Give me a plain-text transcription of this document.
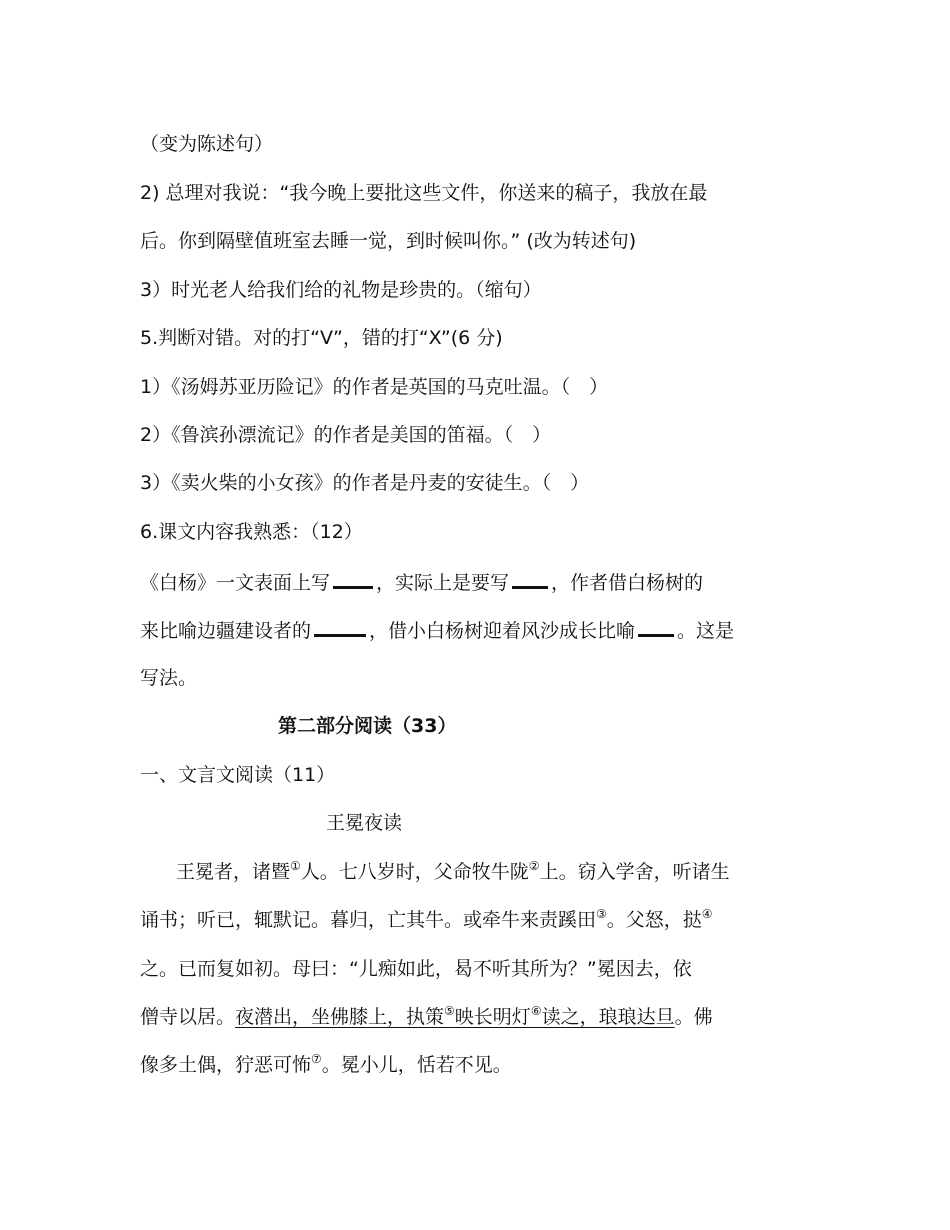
（变为陈述句）
2) 总理对我说：“我今晚上要批这些文件，你送来的稿子，我放在最
后。你到隔壁值班室去睡一觉，到时候叫你。” (改为转述句)
3）时光老人给我们给的礼物是珍贵的。（缩句）
5.判断对错。对的打“V”，错的打“X”(6 分)
1）《汤姆苏亚历险记》的作者是英国的马克吐温。（　）
2）《鲁滨孙漂流记》的作者是美国的笛福。（　）
3）《卖火柴的小女孩》的作者是丹麦的安徒生。（　）
6.课文内容我熟悉：（12）
《白杨》一文表面上写 ，实际上是要写 ，作者借白杨树的
来比喻边疆建设者的	，借小白杨树迎着风沙成长比喻 。这是
写法。
第二部分阅读（33）
一、文言文阅读（11）
王冕夜读
王冕者，诸暨①人。七八岁时，父命牧牛陇②上。窃入学舍，听诸生
诵书；听已，辄默记。暮归，亡其牛。或牵牛来责蹊田③。父怒，挞④
之。已而复如初。母曰：“儿痴如此，曷不听其所为？”冕因去，依
僧寺以居。夜潜出，坐佛膝上，执策⑤映长明灯⑥读之，琅琅达旦。佛
像多土偶，狞恶可怖⑦。冕小儿，恬若不见。
